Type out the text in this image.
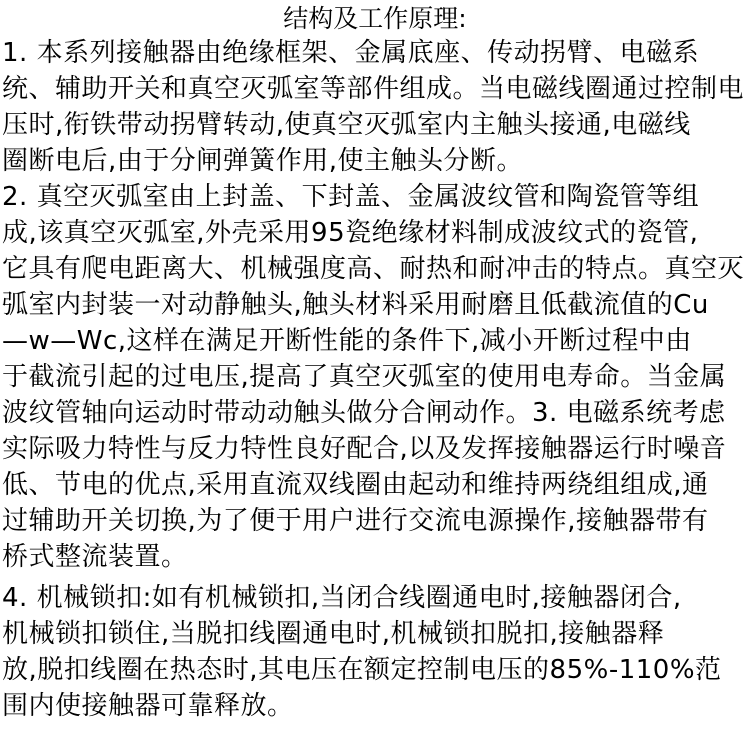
结构及工作原理:
1. 本系列接触器由绝缘框架、金属底座、传动拐臂、电磁系
统、辅助开关和真空灭弧室等部件组成。当电磁线圈通过控制电
压时,衔铁带动拐臂转动,使真空灭弧室内主触头接通,电磁线
圈断电后,由于分闸弹簧作用,使主触头分断。
2. 真空灭弧室由上封盖、下封盖、金属波纹管和陶瓷管等组
成,该真空灭弧室,外壳采用95瓷绝缘材料制成波纹式的瓷管,
它具有爬电距离大、机械强度高、耐热和耐冲击的特点。真空灭
弧室内封装一对动静触头,触头材料采用耐磨且低截流值的Cu
—w—Wc,这样在满足开断性能的条件下,减小开断过程中由
于截流引起的过电压,提高了真空灭弧室的使用电寿命。当金属
波纹管轴向运动时带动动触头做分合闸动作。3. 电磁系统考虑
实际吸力特性与反力特性良好配合,以及发挥接触器运行时噪音
低、节电的优点,采用直流双线圈由起动和维持两绕组组成,通
过辅助开关切换,为了便于用户进行交流电源操作,接触器带有
桥式整流装置。
4. 机械锁扣:如有机械锁扣,当闭合线圈通电时,接触器闭合,
机械锁扣锁住,当脱扣线圈通电时,机械锁扣脱扣,接触器释
放,脱扣线圈在热态时,其电压在额定控制电压的85%-110%范
围内使接触器可靠释放。
